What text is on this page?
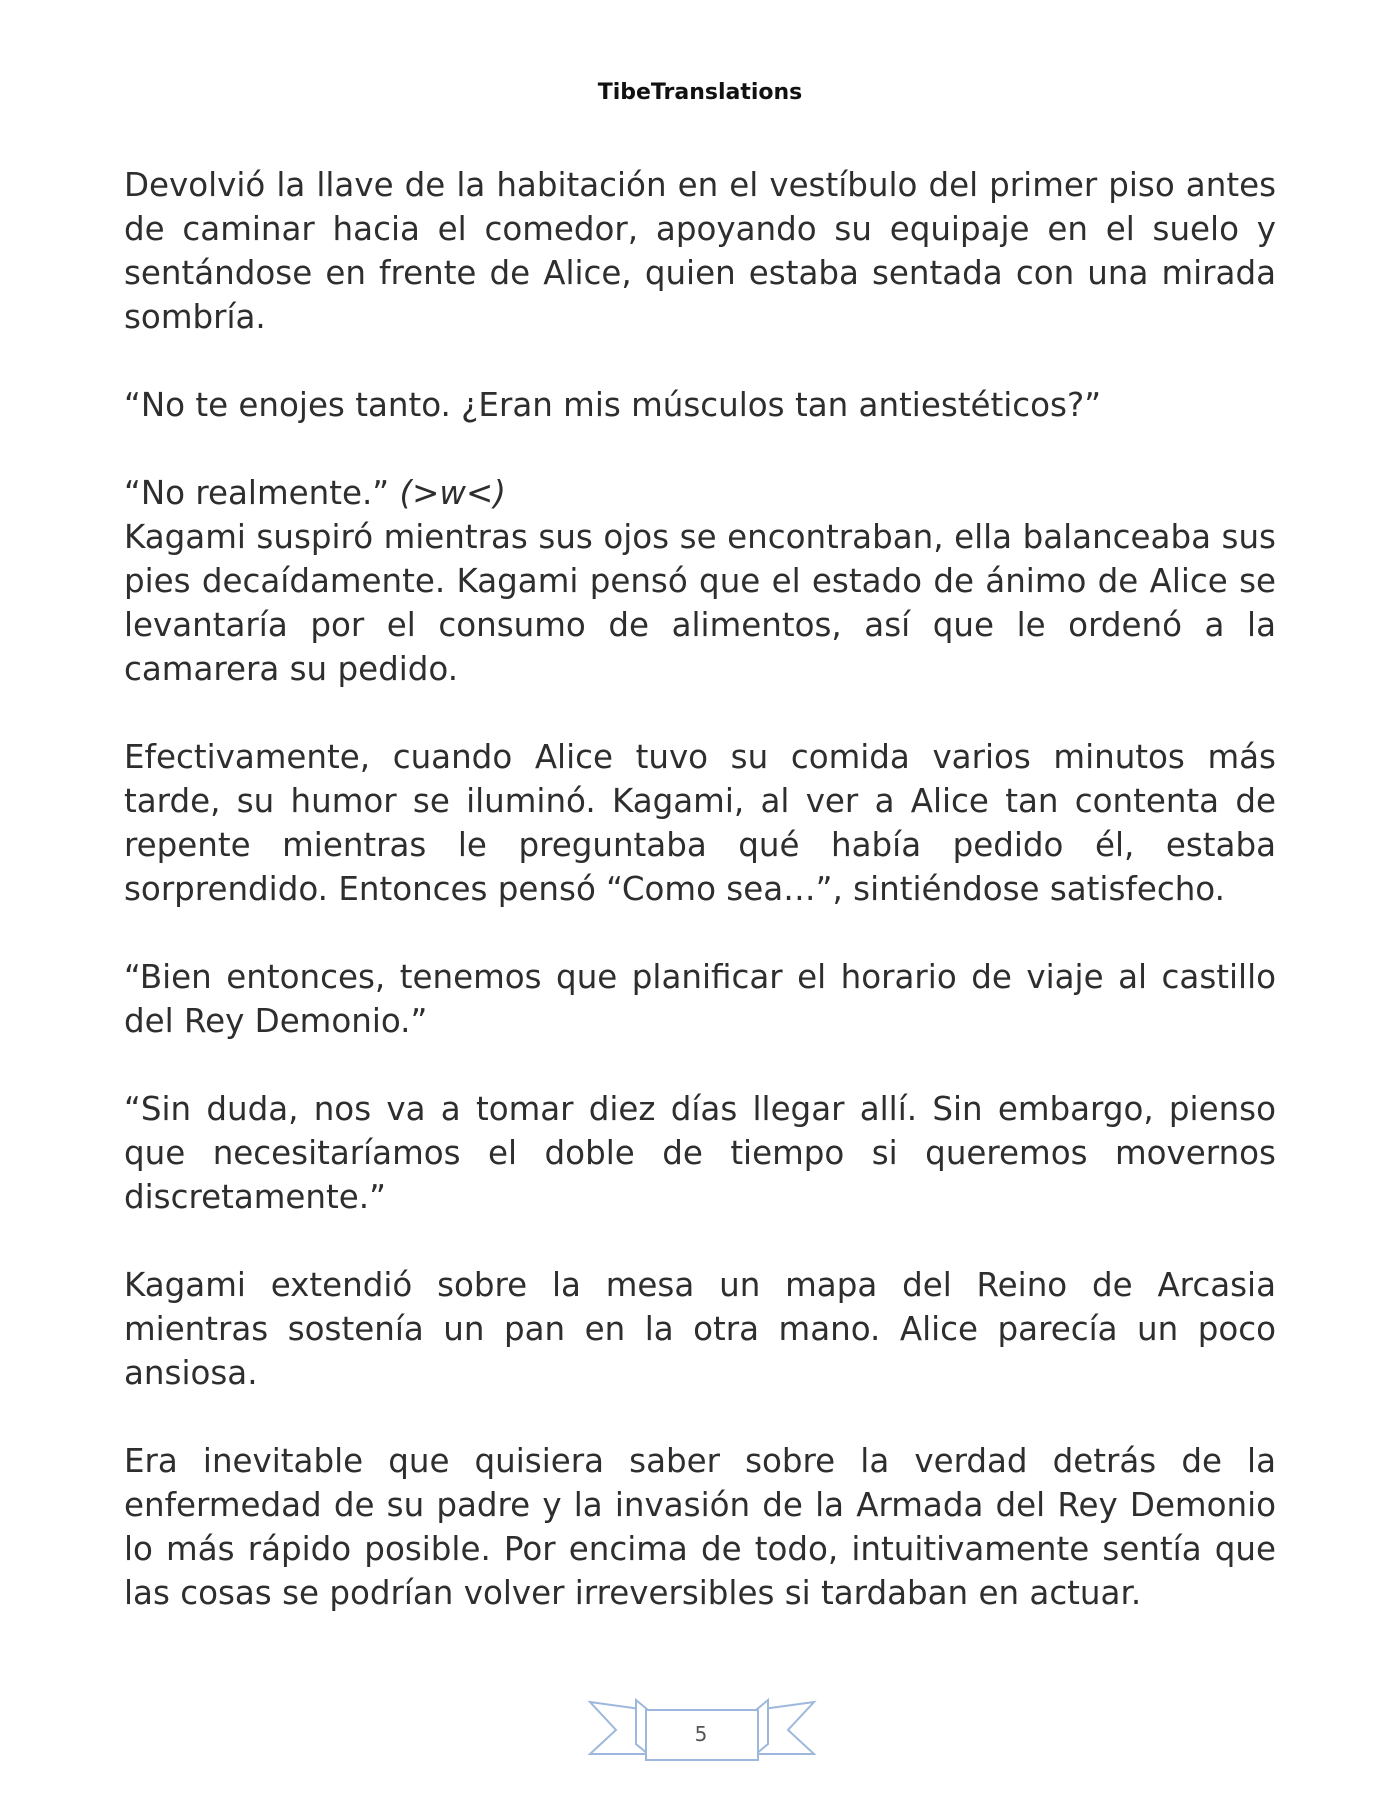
TibeTranslations

Devolvió la llave de la habitación en el vestíbulo del primer piso antes de caminar hacia el comedor, apoyando su equipaje en el suelo y sentándose en frente de Alice, quien estaba sentada con una mirada sombría.

“No te enojes tanto. ¿Eran mis músculos tan antiestéticos?”

“No realmente.” (>w<)

Kagami suspiró mientras sus ojos se encontraban, ella balanceaba sus pies decaídamente. Kagami pensó que el estado de ánimo de Alice se levantaría por el consumo de alimentos, así que le ordenó a la camarera su pedido.

Efectivamente, cuando Alice tuvo su comida varios minutos más tarde, su humor se iluminó. Kagami, al ver a Alice tan contenta de repente mientras le preguntaba qué había pedido él, estaba sorprendido. Entonces pensó “Como sea…”, sintiéndose satisfecho.

“Bien entonces, tenemos que planificar el horario de viaje al castillo del Rey Demonio.”

“Sin duda, nos va a tomar diez días llegar allí. Sin embargo, pienso que necesitaríamos el doble de tiempo si queremos movernos discretamente.”

Kagami extendió sobre la mesa un mapa del Reino de Arcasia mientras sostenía un pan en la otra mano. Alice parecía un poco ansiosa.

Era inevitable que quisiera saber sobre la verdad detrás de la enfermedad de su padre y la invasión de la Armada del Rey Demonio lo más rápido posible. Por encima de todo, intuitivamente sentía que las cosas se podrían volver irreversibles si tardaban en actuar.

5
